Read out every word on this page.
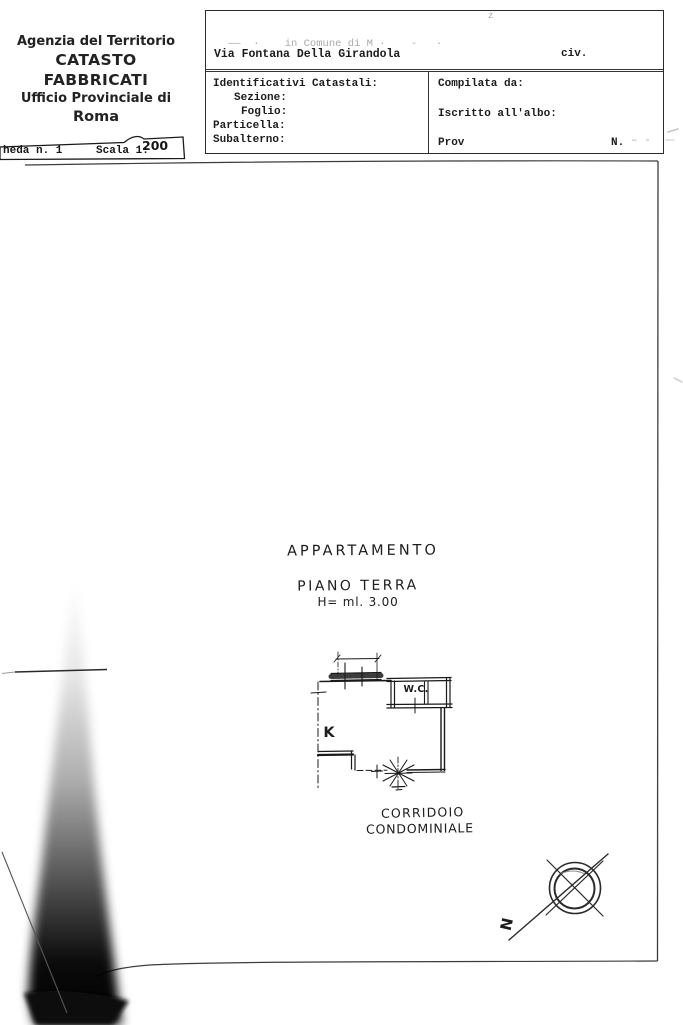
Agenzia del Territorio
CATASTO FABBRICATI
Ufficio Provinciale di
Roma
heda n. 1	Scala 1:
200
z
——  ·    in Comune di M ·    ‐   ·
Via Fontana Della Girandola	civ.
Identificativi Catastali:
Sezione:
Foglio:
Particella:
Subalterno:
Compilata da:
Iscritto all'albo:
Prov	N. ‒ ‑
APPARTAMENTO
PIANO TERRA
H= ml. 3.00
W.C.
K
CORRIDOIO
CONDOMINIALE
N
